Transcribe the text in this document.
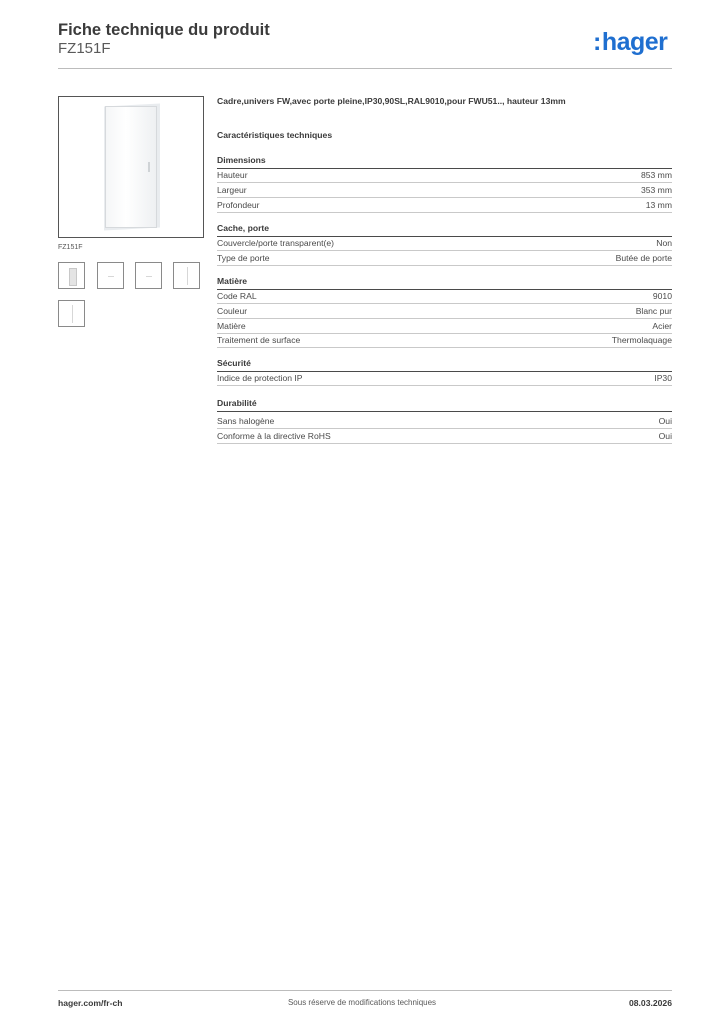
Fiche technique du produit
FZ151F	:hager
FZ151F
Cadre,univers FW,avec porte pleine,IP30,90SL,RAL9010,pour FWU51.., hauteur 13mm
Caractéristiques techniques
Dimensions
Hauteur	853 mm
Largeur	353 mm
Profondeur	13 mm
Cache, porte
Couvercle/porte transparent(e)	Non
Type de porte	Butée de porte
Matière
Code RAL	9010
Couleur	Blanc pur
Matière	Acier
Traitement de surface	Thermolaquage
Sécurité
Indice de protection IP	IP30
Durabilité
Sans halogène	Oui
Conforme à la directive RoHS	Oui
hager.com/fr-ch	Sous réserve de modifications techniques	08.03.2026
